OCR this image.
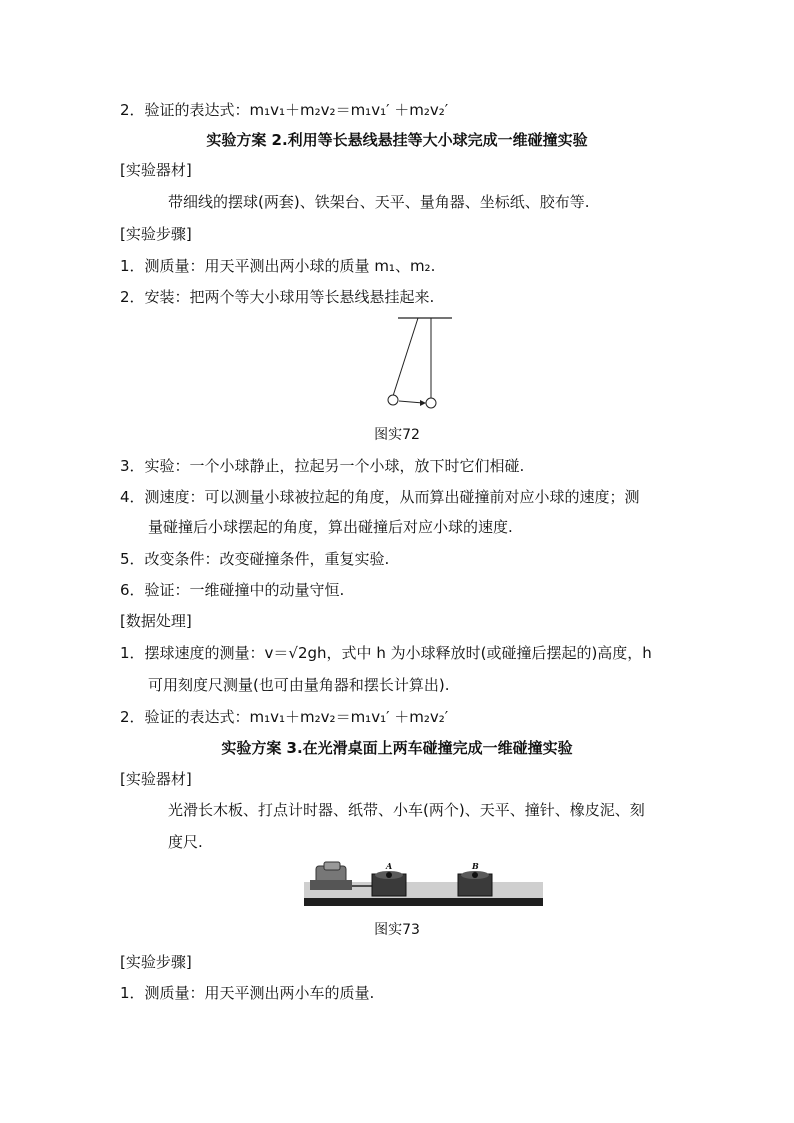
2．验证的表达式：m₁v₁＋m₂v₂＝m₁v₁′ ＋m₂v₂′
实验方案 2.利用等长悬线悬挂等大小球完成一维碰撞实验
[实验器材]
带细线的摆球(两套)、铁架台、天平、量角器、坐标纸、胶布等.
[实验步骤]
1．测质量：用天平测出两小球的质量 m₁、m₂.
2．安装：把两个等大小球用等长悬线悬挂起来.
图实72
3．实验：一个小球静止，拉起另一个小球，放下时它们相碰.
4．测速度：可以测量小球被拉起的角度，从而算出碰撞前对应小球的速度；测
量碰撞后小球摆起的角度，算出碰撞后对应小球的速度.
5．改变条件：改变碰撞条件，重复实验.
6．验证：一维碰撞中的动量守恒.
[数据处理]
1．摆球速度的测量：v＝√2gh，式中 h 为小球释放时(或碰撞后摆起的)高度，h
可用刻度尺测量(也可由量角器和摆长计算出).
2．验证的表达式：m₁v₁＋m₂v₂＝m₁v₁′ ＋m₂v₂′
实验方案 3.在光滑桌面上两车碰撞完成一维碰撞实验
[实验器材]
光滑长木板、打点计时器、纸带、小车(两个)、天平、撞针、橡皮泥、刻
度尺.
A	B
图实73
[实验步骤]
1．测质量：用天平测出两小车的质量.
